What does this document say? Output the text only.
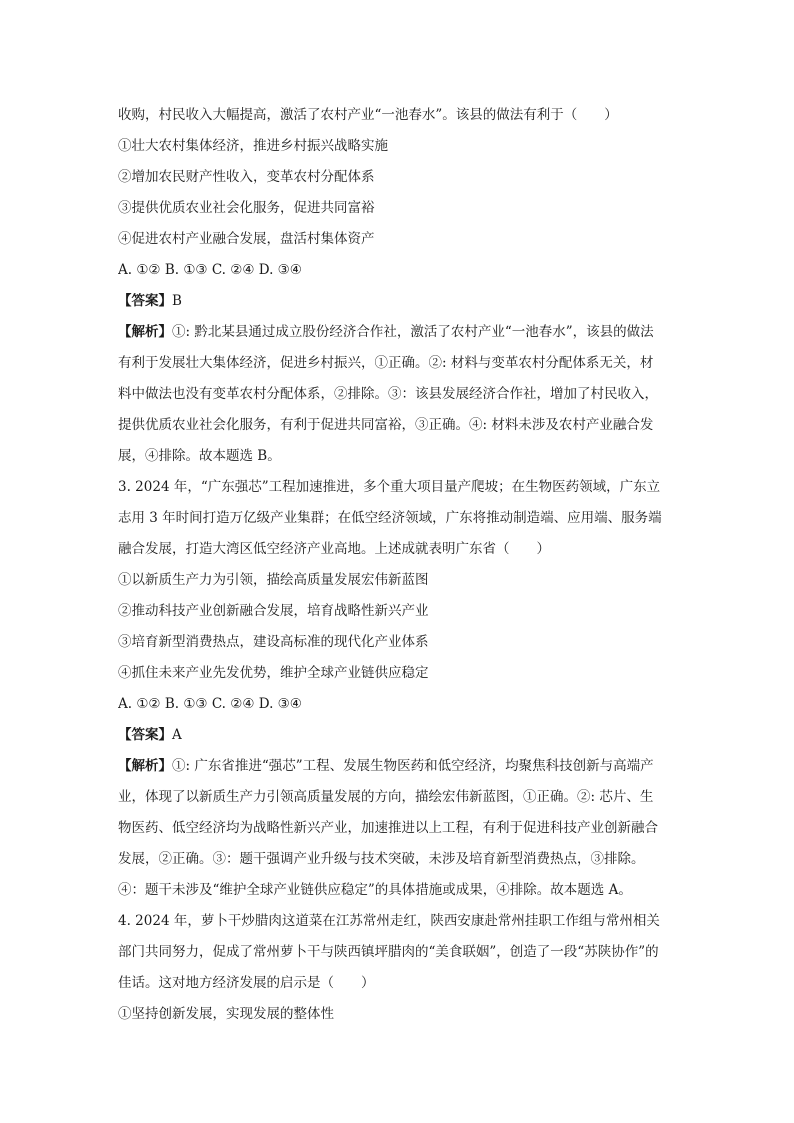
收购，村民收入大幅提高，激活了农村产业“一池春水”。该县的做法有利于（　　）
①壮大农村集体经济，推进乡村振兴战略实施
②增加农民财产性收入，变革农村分配体系
③提供优质农业社会化服务，促进共同富裕
④促进农村产业融合发展，盘活村集体资产
A. ①② B. ①③ C. ②④ D. ③④
【答案】B
【解析】①: 黔北某县通过成立股份经济合作社，激活了农村产业“一池春水”，该县的做法
有利于发展壮大集体经济，促进乡村振兴，①正确。②: 材料与变革农村分配体系无关，材
料中做法也没有变革农村分配体系，②排除。③：该县发展经济合作社，增加了村民收入，
提供优质农业社会化服务，有利于促进共同富裕，③正确。④: 材料未涉及农村产业融合发
展，④排除。故本题选 B。
3. 2024 年，“广东强芯”工程加速推进，多个重大项目量产爬坡；在生物医药领域，广东立
志用 3 年时间打造万亿级产业集群；在低空经济领域，广东将推动制造端、应用端、服务端
融合发展，打造大湾区低空经济产业高地。上述成就表明广东省（　　）
①以新质生产力为引领，描绘高质量发展宏伟新蓝图
②推动科技产业创新融合发展，培育战略性新兴产业
③培育新型消费热点，建设高标准的现代化产业体系
④抓住未来产业先发优势，维护全球产业链供应稳定
A. ①② B. ①③ C. ②④ D. ③④
【答案】A
【解析】①: 广东省推进“强芯”工程、发展生物医药和低空经济，均聚焦科技创新与高端产
业，体现了以新质生产力引领高质量发展的方向，描绘宏伟新蓝图，①正确。②: 芯片、生
物医药、低空经济均为战略性新兴产业，加速推进以上工程，有利于促进科技产业创新融合
发展，②正确。③：题干强调产业升级与技术突破，未涉及培育新型消费热点，③排除。
④：题干未涉及“维护全球产业链供应稳定”的具体措施或成果，④排除。故本题选 A。
4. 2024 年，萝卜干炒腊肉这道菜在江苏常州走红，陕西安康赴常州挂职工作组与常州相关
部门共同努力，促成了常州萝卜干与陕西镇坪腊肉的“美食联姻”，创造了一段“苏陕协作”的
佳话。这对地方经济发展的启示是（　　）
①坚持创新发展，实现发展的整体性
